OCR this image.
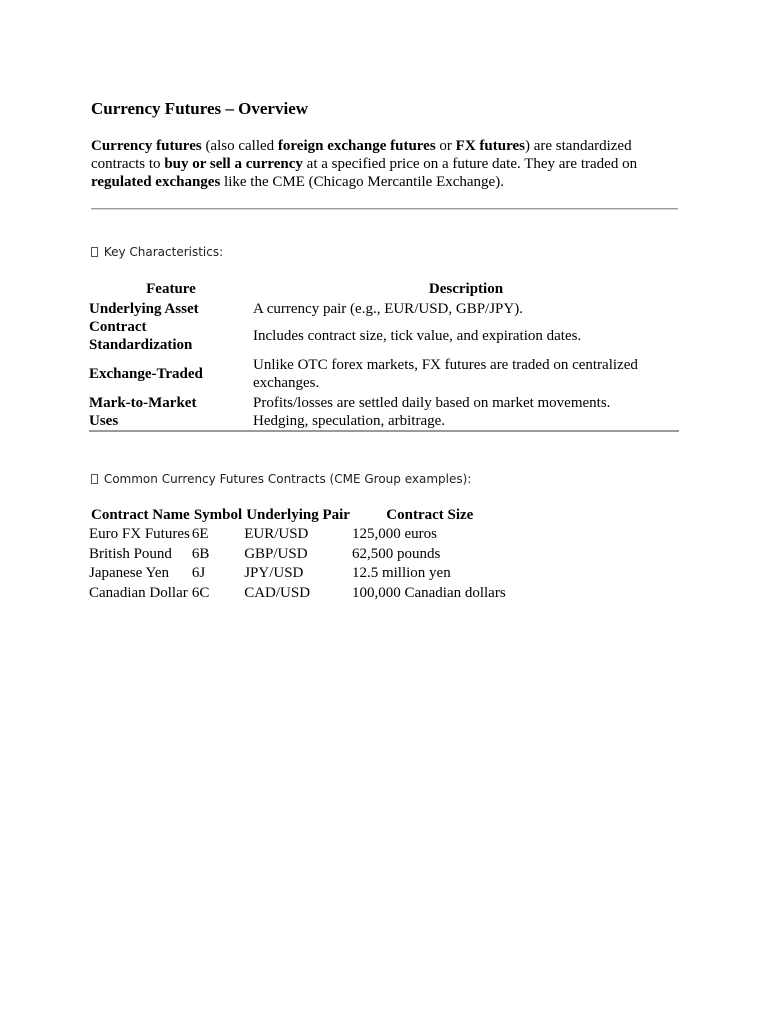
Currency Futures – Overview
Currency futures (also called foreign exchange futures or FX futures) are standardized contracts to buy or sell a currency at a specified price on a future date. They are traded on regulated exchanges like the CME (Chicago Mercantile Exchange).
Key Characteristics:
Feature	Description
Underlying Asset	A currency pair (e.g., EUR/USD, GBP/JPY).
Contract Standardization	Includes contract size, tick value, and expiration dates.
Exchange-Traded	Unlike OTC forex markets, FX futures are traded on centralized exchanges.
Mark-to-Market	Profits/losses are settled daily based on market movements.
Uses	Hedging, speculation, arbitrage.
Common Currency Futures Contracts (CME Group examples):
Contract Name	Symbol	Underlying Pair	Contract Size
Euro FX Futures	6E	EUR/USD	125,000 euros
British Pound	6B	GBP/USD	62,500 pounds
Japanese Yen	6J	JPY/USD	12.5 million yen
Canadian Dollar	6C	CAD/USD	100,000 Canadian dollars
